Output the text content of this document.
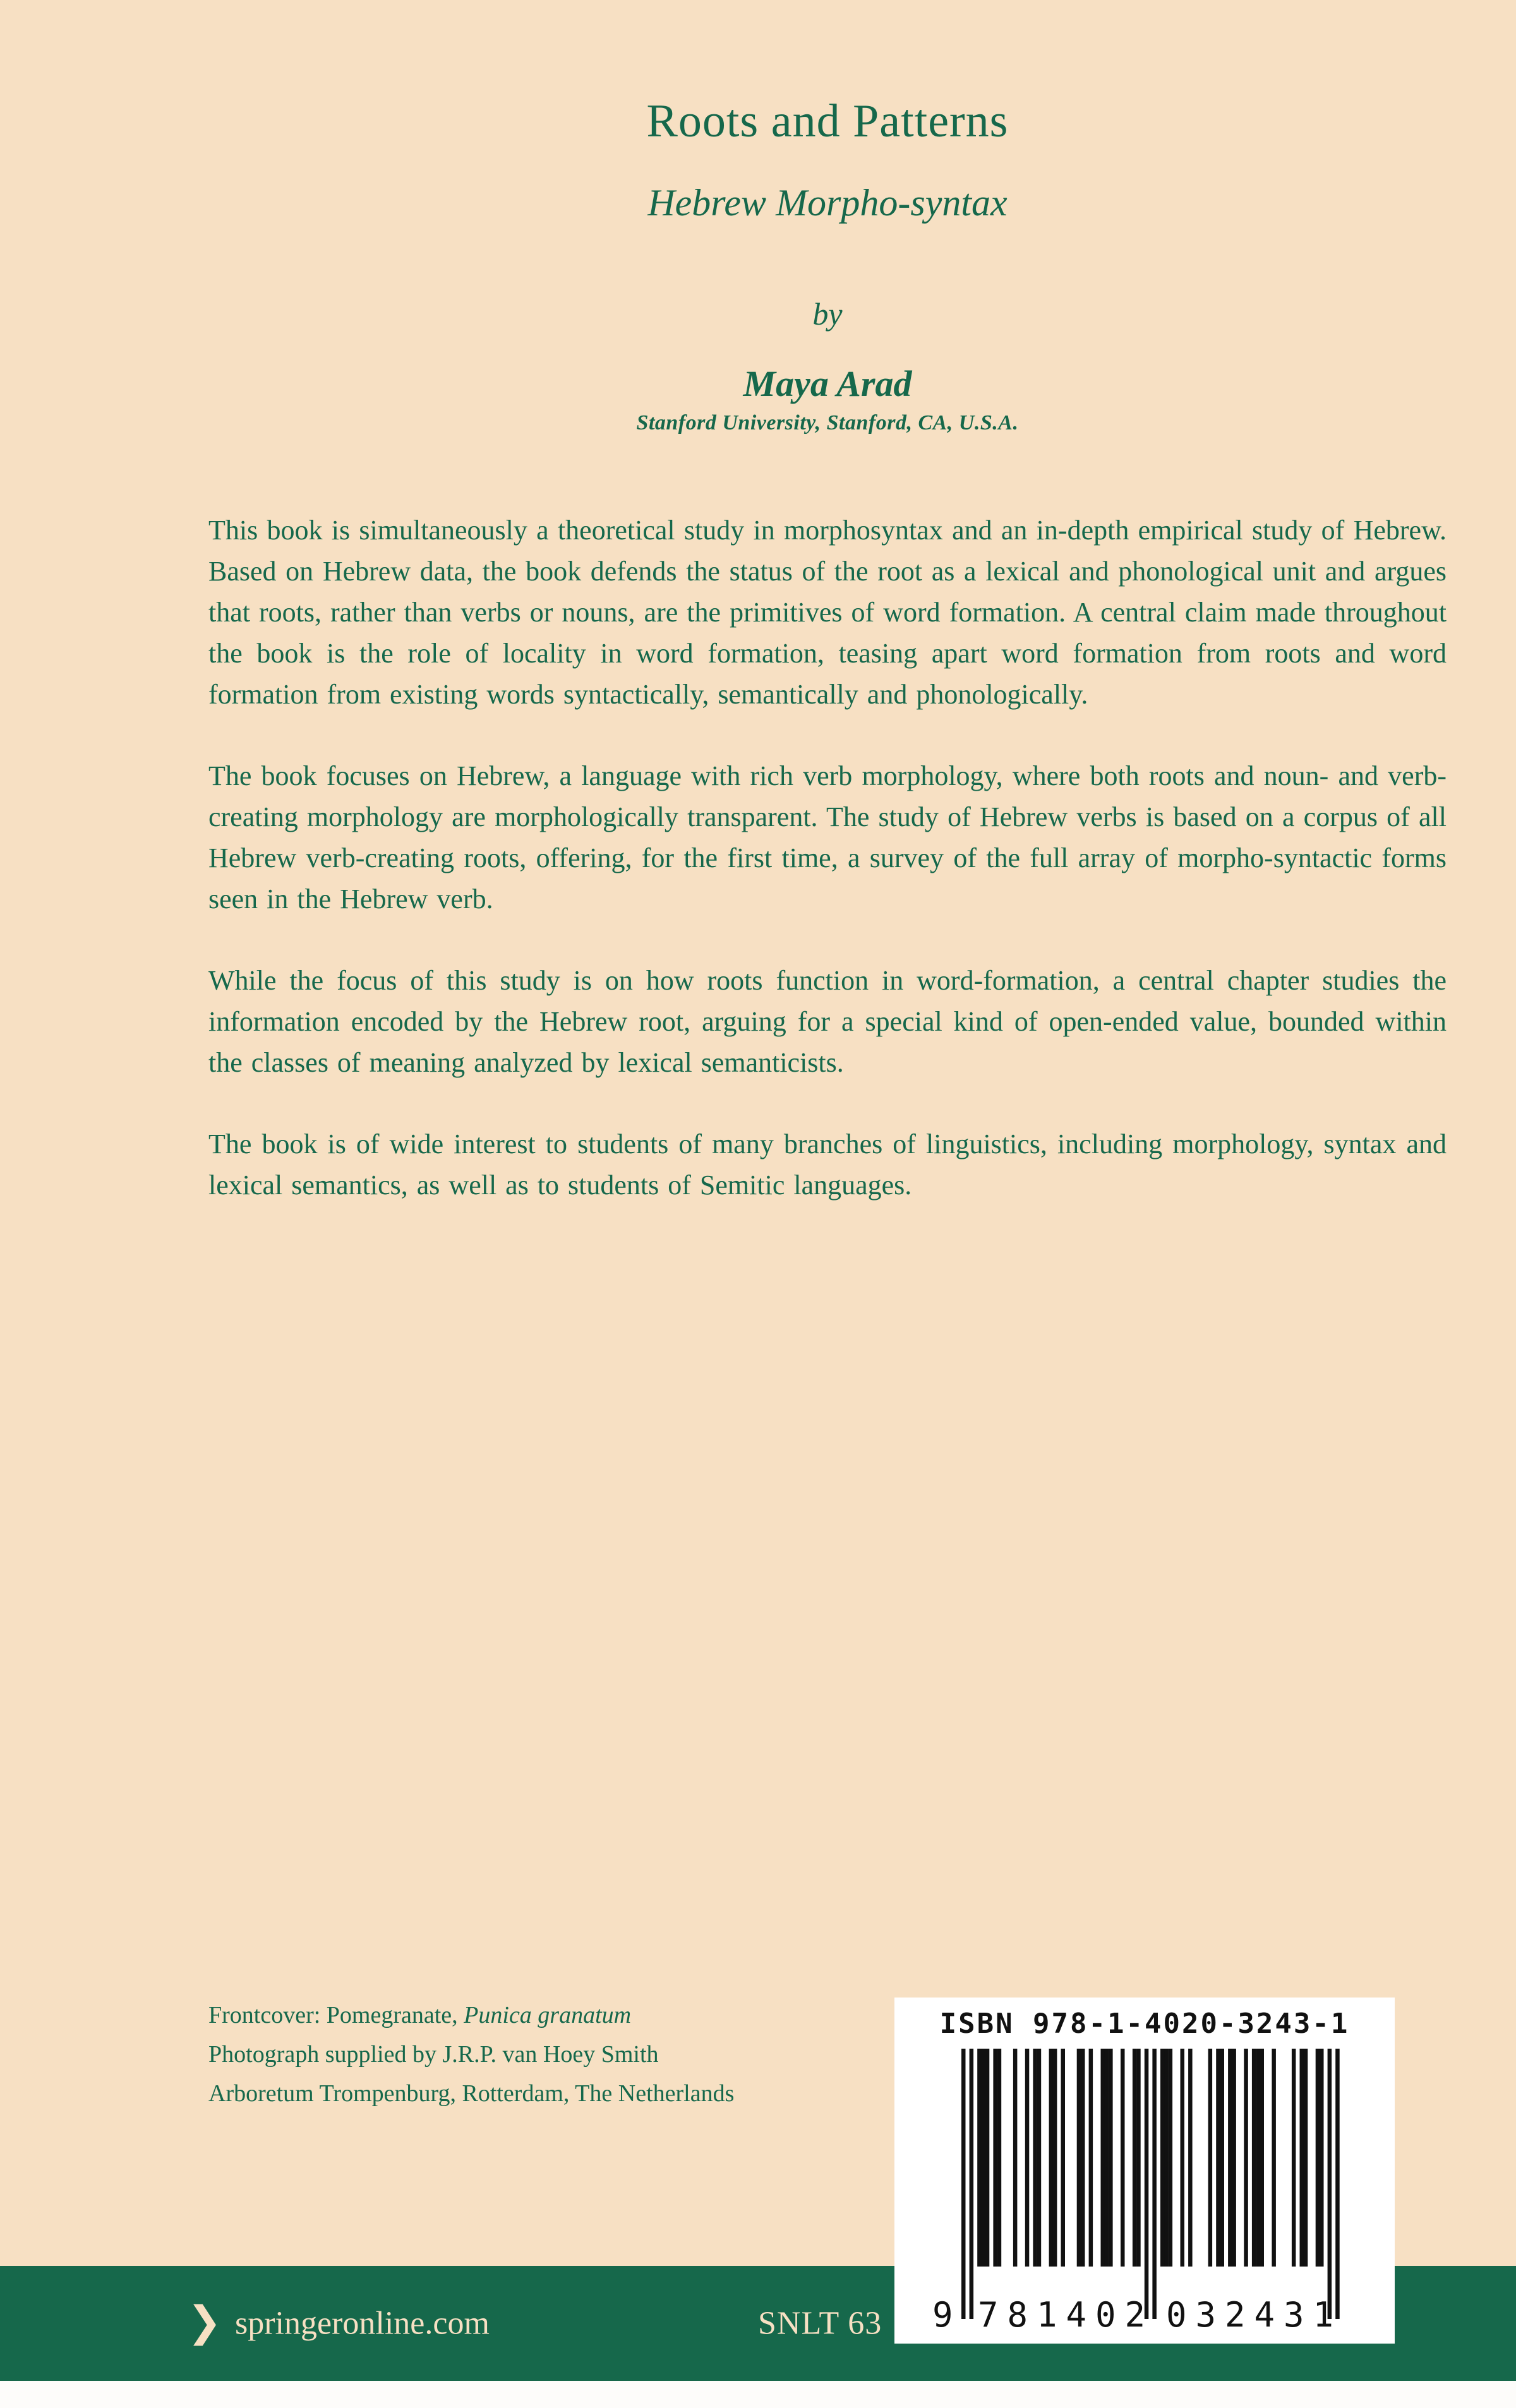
Roots and Patterns
Hebrew Morpho-syntax
by
Maya Arad
Stanford University, Stanford, CA, U.S.A.

This book is simultaneously a theoretical study in morphosyntax and an in-depth empirical study of Hebrew. Based on Hebrew data, the book defends the status of the root as a lexical and phonological unit and argues that roots, rather than verbs or nouns, are the primitives of word formation. A central claim made throughout the book is the role of locality in word formation, teasing apart word formation from roots and word formation from existing words syntactically, semantically and phonologically.

The book focuses on Hebrew, a language with rich verb morphology, where both roots and noun- and verb-creating morphology are morphologically transparent. The study of Hebrew verbs is based on a corpus of all Hebrew verb-creating roots, offering, for the first time, a survey of the full array of morpho-syntactic forms seen in the Hebrew verb.

While the focus of this study is on how roots function in word-formation, a central chapter studies the information encoded by the Hebrew root, arguing for a special kind of open-ended value, bounded within the classes of meaning analyzed by lexical semanticists.

The book is of wide interest to students of many branches of linguistics, including morphology, syntax and lexical semantics, as well as to students of Semitic languages.

Frontcover: Pomegranate, Punica granatum
Photograph supplied by J.R.P. van Hoey Smith
Arboretum Trompenburg, Rotterdam, The Netherlands
❯ springeronline.com	SNLT 63
ISBN 978-1-4020-3243-1
9 781402 032431
